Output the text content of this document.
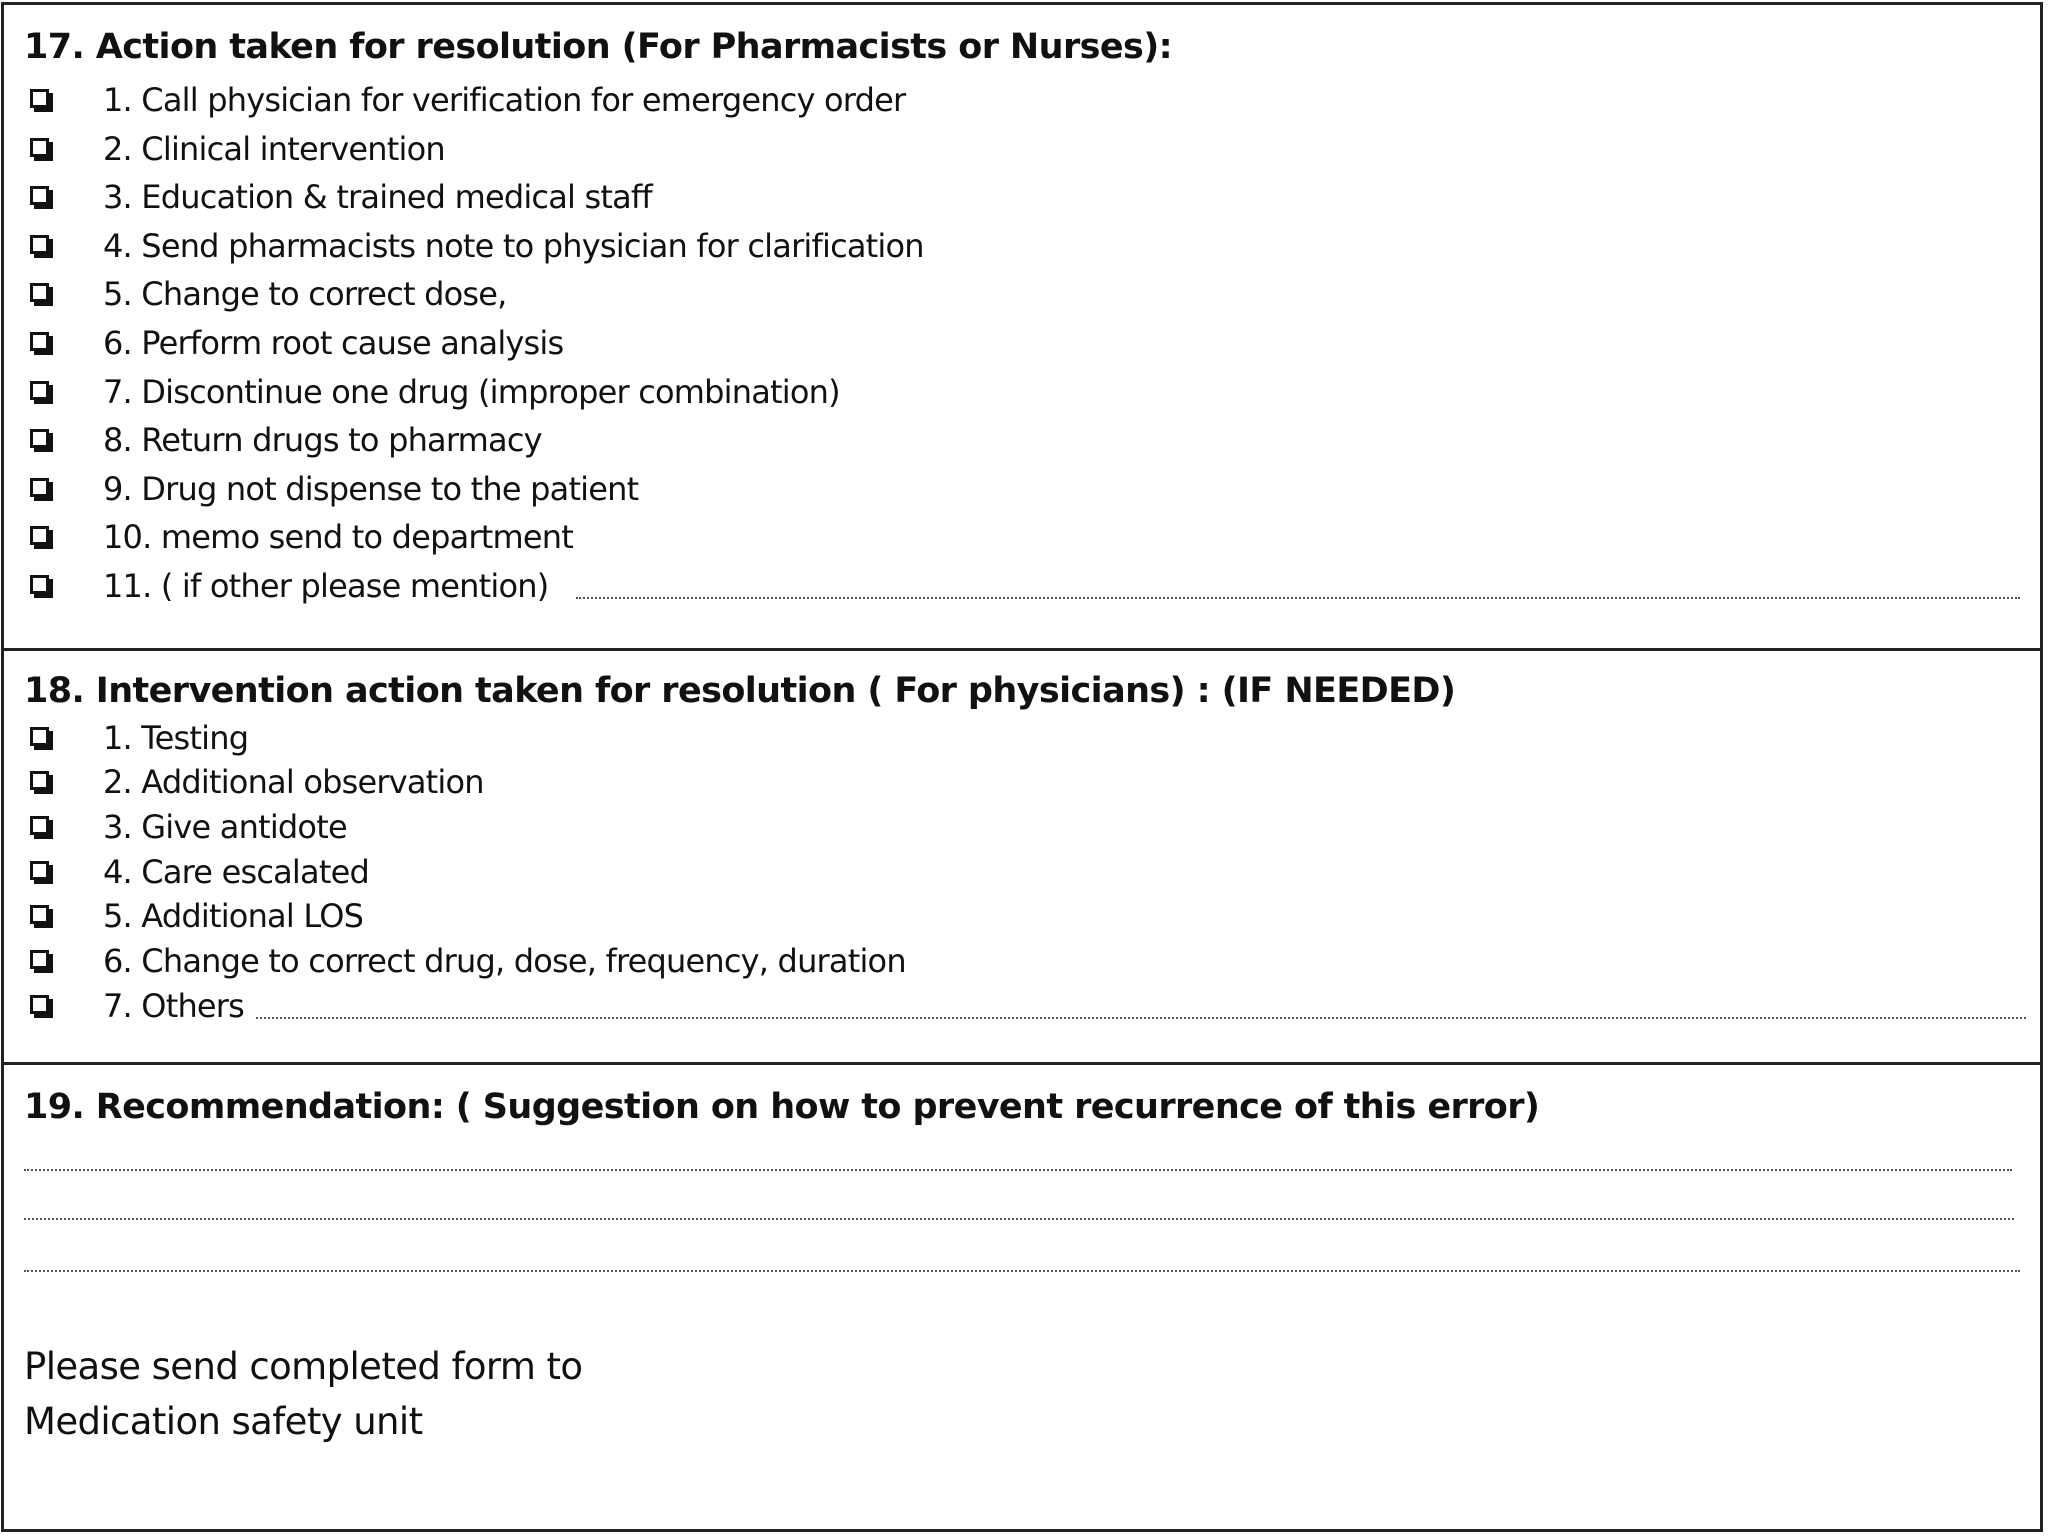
17. Action taken for resolution (For Pharmacists or Nurses):
1. Call physician for verification for emergency order
2. Clinical intervention
3. Education & trained medical staff
4. Send pharmacists note to physician for clarification
5. Change to correct dose,
6. Perform root cause analysis
7. Discontinue one drug (improper combination)
8. Return drugs to pharmacy
9. Drug not dispense to the patient
10. memo send to department
11. ( if other please mention)
18. Intervention action taken for resolution ( For physicians) : (IF NEEDED)
1. Testing
2. Additional observation
3. Give antidote
4. Care escalated
5. Additional LOS
6. Change to correct drug, dose, frequency, duration
7. Others
19. Recommendation: ( Suggestion on how to prevent recurrence of this error)
Please send completed form to
Medication safety unit
